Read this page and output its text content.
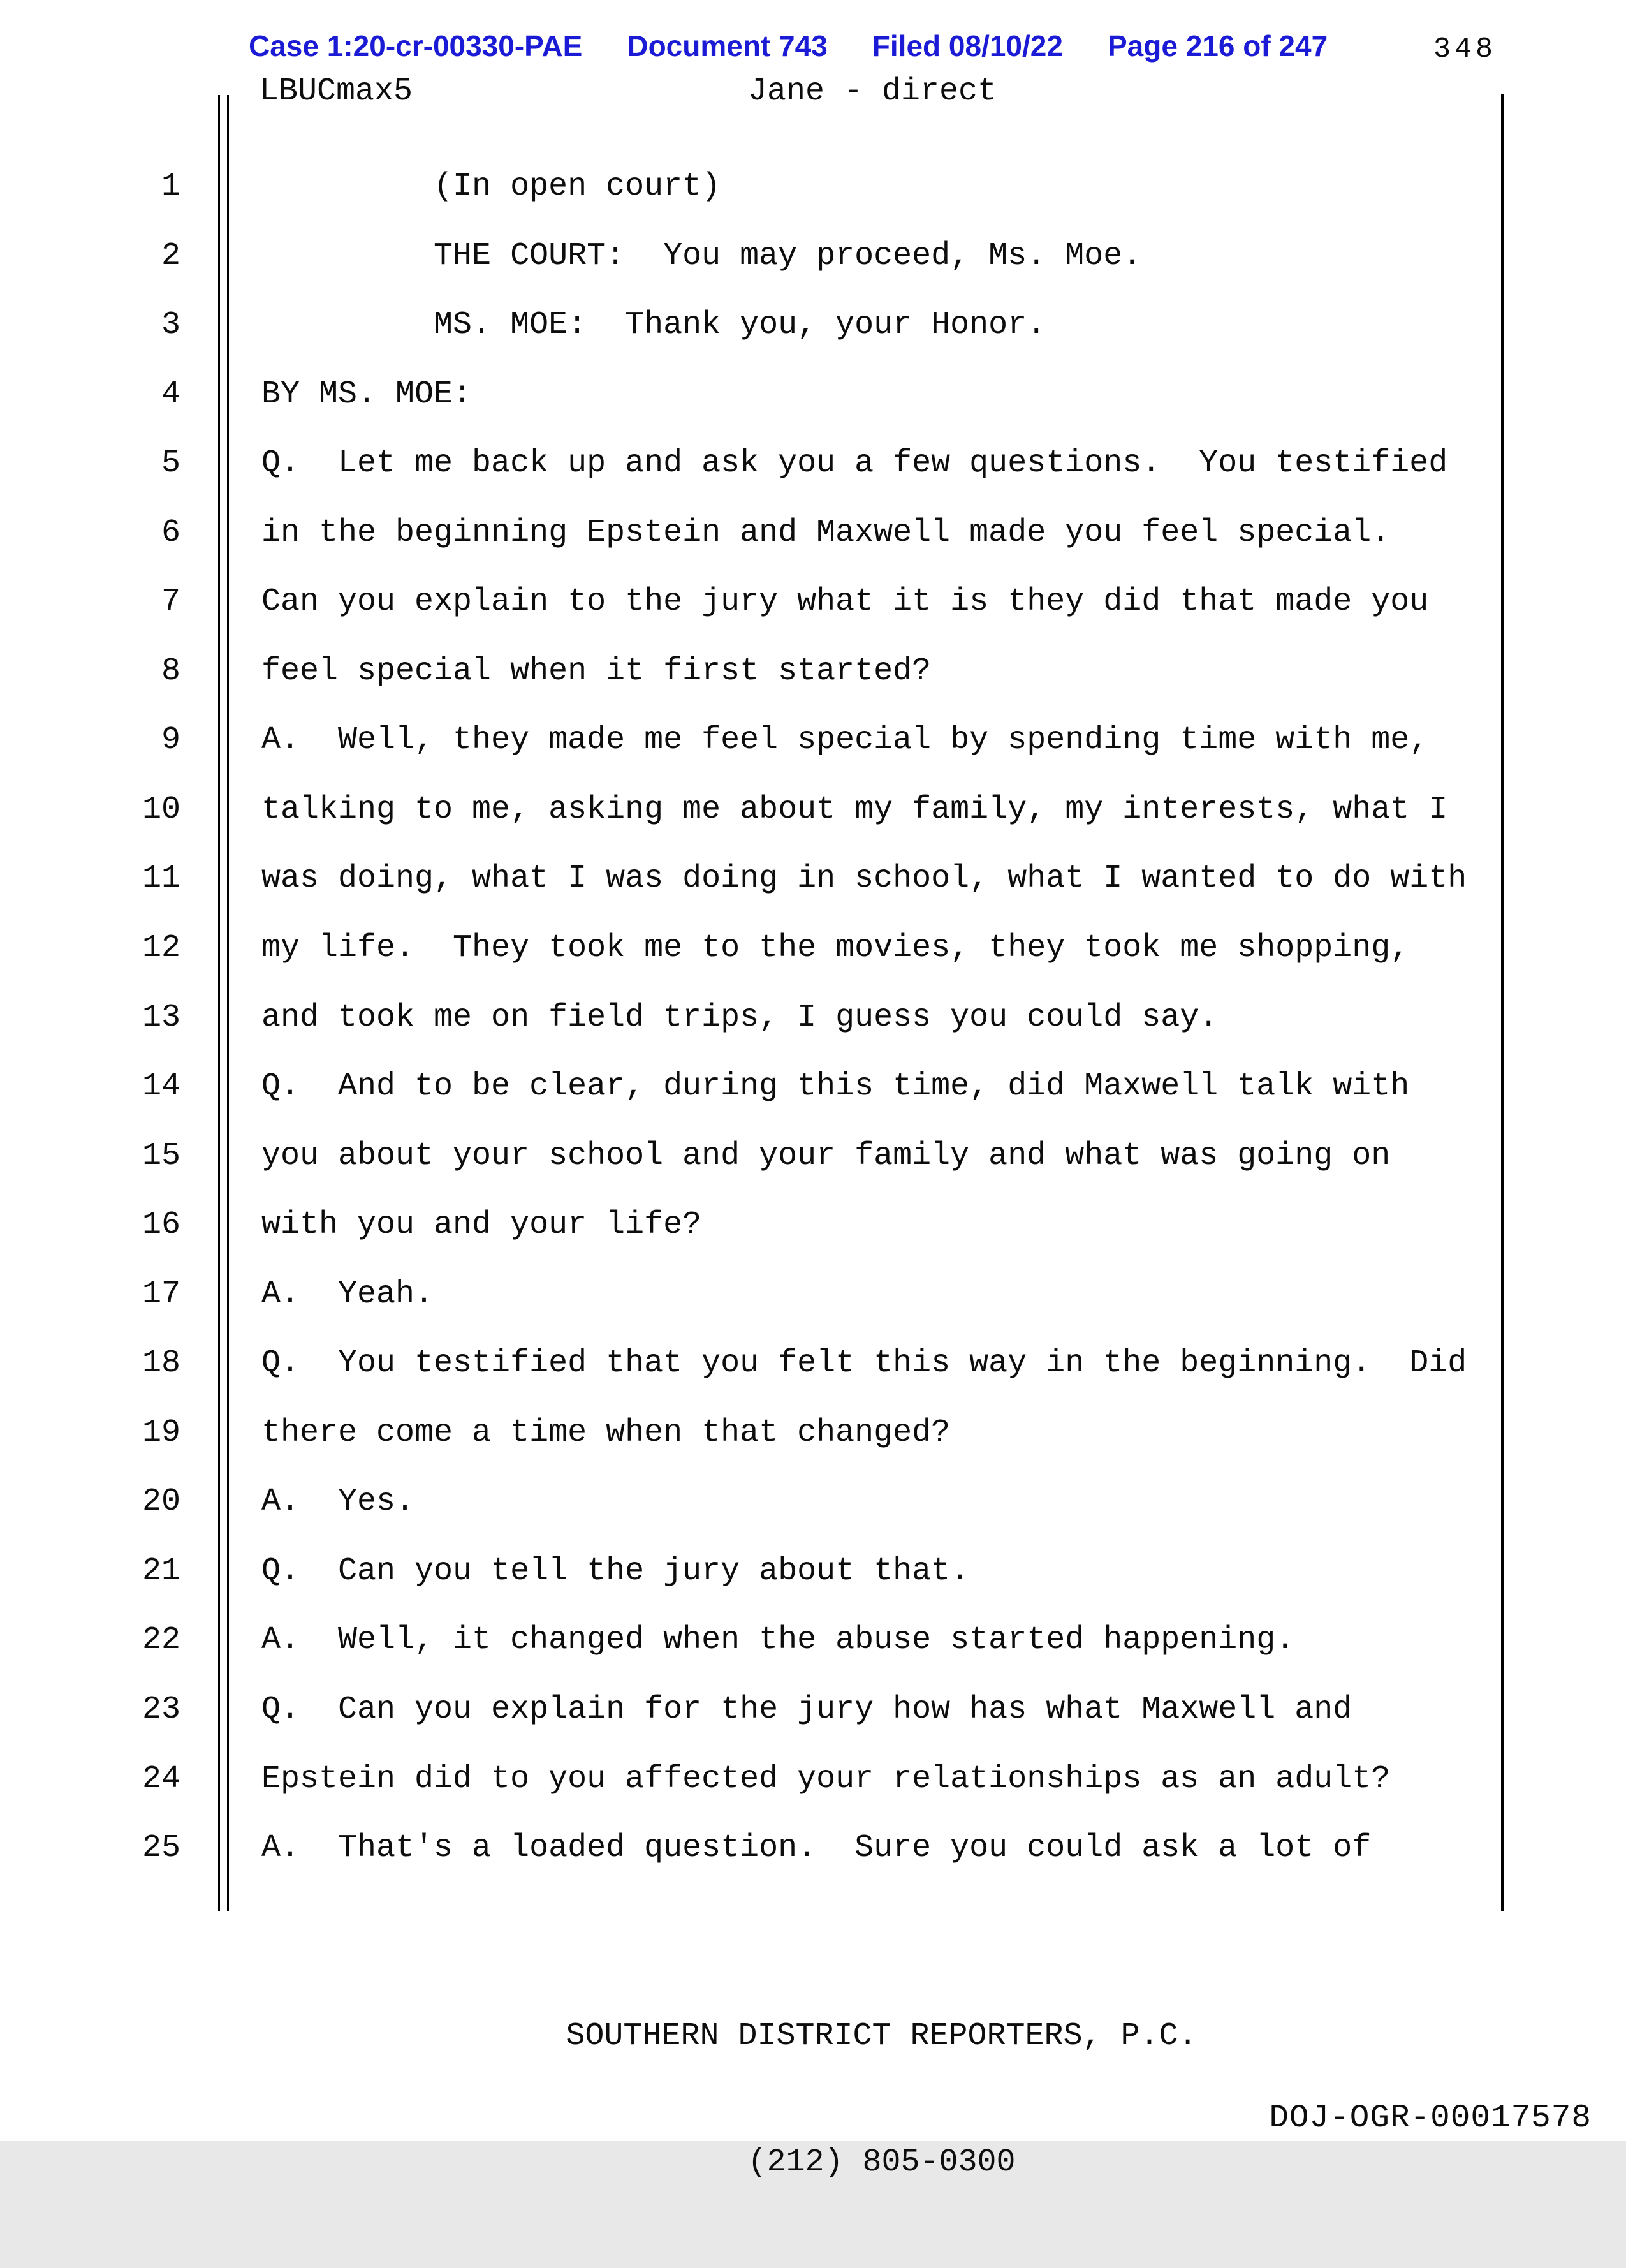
Case 1:20-cr-00330-PAE Document 743 Filed 08/10/22 Page 216 of 247	348
LBUCmax5	Jane - direct
1	(In open court)
2	THE COURT:  You may proceed, Ms. Moe.
3	MS. MOE:  Thank you, your Honor.
4	BY MS. MOE:
5	Q.  Let me back up and ask you a few questions.  You testified
6	in the beginning Epstein and Maxwell made you feel special.
7	Can you explain to the jury what it is they did that made you
8	feel special when it first started?
9	A.  Well, they made me feel special by spending time with me,
10	talking to me, asking me about my family, my interests, what I
11	was doing, what I was doing in school, what I wanted to do with
12	my life.  They took me to the movies, they took me shopping,
13	and took me on field trips, I guess you could say.
14	Q.  And to be clear, during this time, did Maxwell talk with
15	you about your school and your family and what was going on
16	with you and your life?
17	A.  Yeah.
18	Q.  You testified that you felt this way in the beginning.  Did
19	there come a time when that changed?
20	A.  Yes.
21	Q.  Can you tell the jury about that.
22	A.  Well, it changed when the abuse started happening.
23	Q.  Can you explain for the jury how has what Maxwell and
24	Epstein did to you affected your relationships as an adult?
25	A.  That's a loaded question.  Sure you could ask a lot of

SOUTHERN DISTRICT REPORTERS, P.C.

(212) 805-0300

DOJ-OGR-00017578
